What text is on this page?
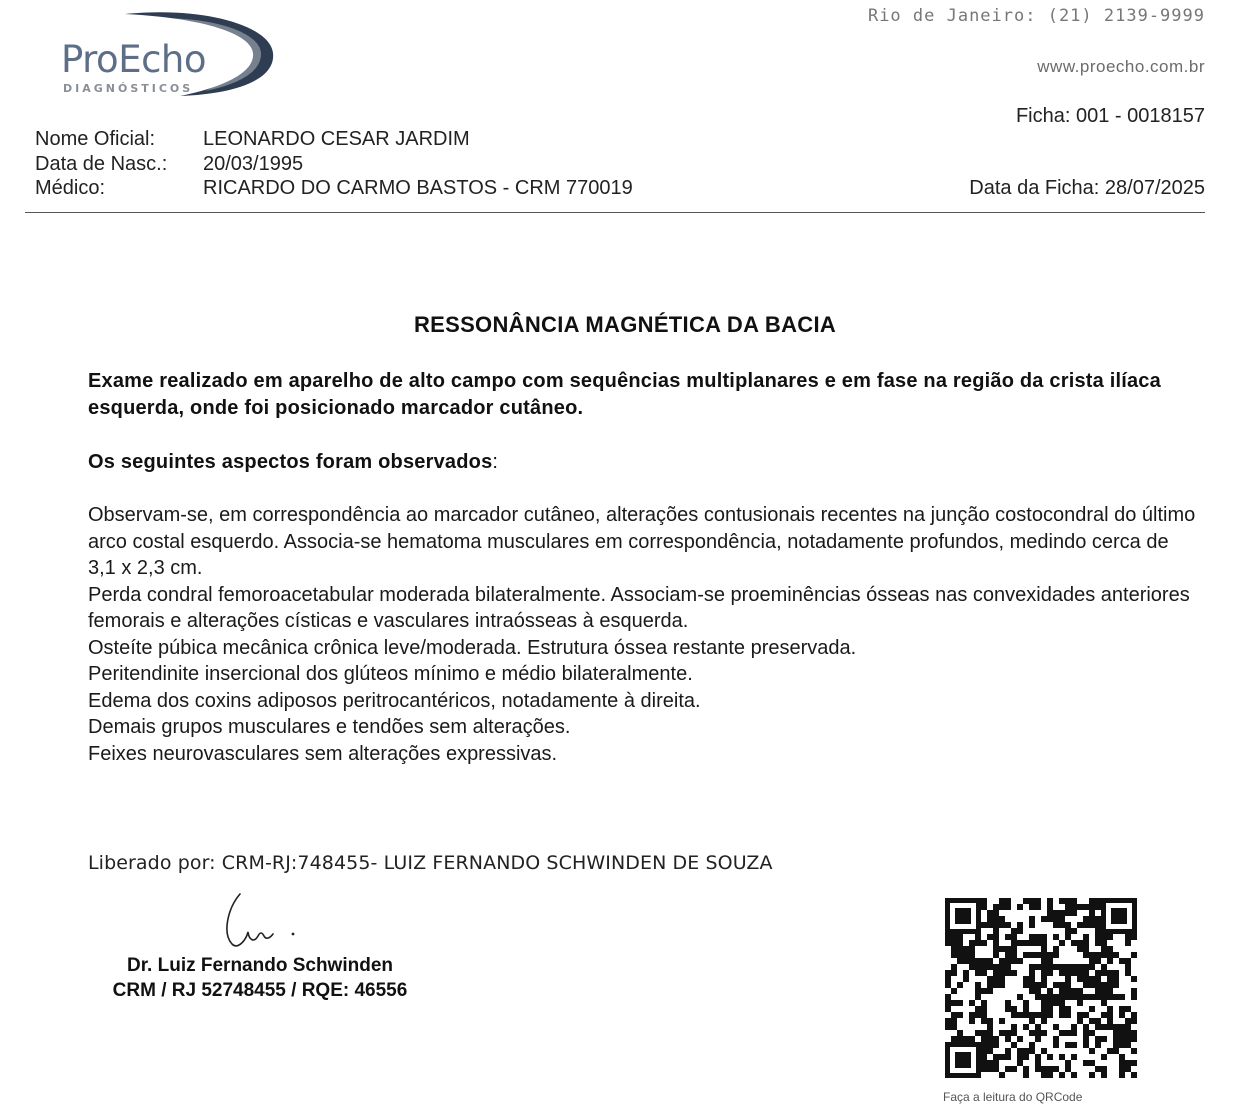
ProEcho
DIAGNÓSTICOS
Rio de Janeiro: (21) 2139-9999
www.proecho.com.br
Ficha: 001 - 0018157
Nome Oficial:	LEONARDO CESAR JARDIM
Data de Nasc.:	20/03/1995
Médico:	RICARDO DO CARMO BASTOS - CRM 770019	Data da Ficha: 28/07/2025
RESSONÂNCIA MAGNÉTICA DA BACIA
Exame realizado em aparelho de alto campo com sequências multiplanares e em fase na região da crista ilíaca esquerda, onde foi posicionado marcador cutâneo.
Os seguintes aspectos foram observados:

Observam-se, em correspondência ao marcador cutâneo, alterações contusionais recentes na junção costocondral do último arco costal esquerdo. Associa-se hematoma musculares em correspondência, notadamente profundos, medindo cerca de 3,1 x 2,3 cm.

Perda condral femoroacetabular moderada bilateralmente. Associam-se proeminências ósseas nas convexidades anteriores femorais e alterações císticas e vasculares intraósseas à esquerda.

Osteíte púbica mecânica crônica leve/moderada. Estrutura óssea restante preservada.

Peritendinite insercional dos glúteos mínimo e médio bilateralmente.

Edema dos coxins adiposos peritrocantéricos, notadamente à direita.

Demais grupos musculares e tendões sem alterações.

Feixes neurovasculares sem alterações expressivas.

Liberado por: CRM-RJ:748455- LUIZ FERNANDO SCHWINDEN DE SOUZA
Dr. Luiz Fernando Schwinden
CRM / RJ 52748455 / RQE: 46556
Faça a leitura do QRCode
